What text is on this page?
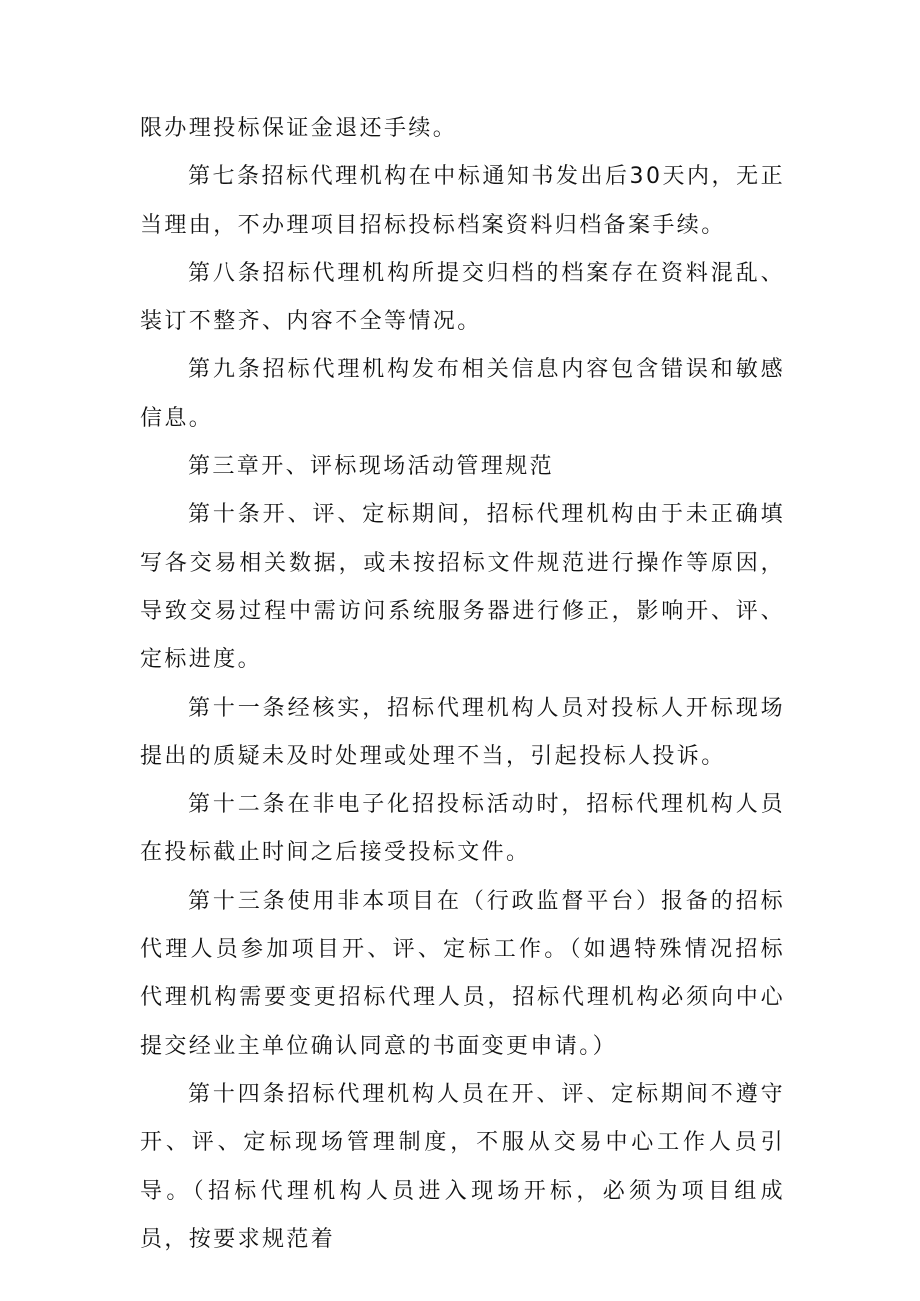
限办理投标保证金退还手续。

第七条招标代理机构在中标通知书发出后30天内，无正当理由，不办理项目招标投标档案资料归档备案手续。

第八条招标代理机构所提交归档的档案存在资料混乱、装订不整齐、内容不全等情况。

第九条招标代理机构发布相关信息内容包含错误和敏感信息。

第三章开、评标现场活动管理规范

第十条开、评、定标期间，招标代理机构由于未正确填写各交易相关数据，或未按招标文件规范进行操作等原因，导致交易过程中需访问系统服务器进行修正，影响开、评、定标进度。

第十一条经核实，招标代理机构人员对投标人开标现场提出的质疑未及时处理或处理不当，引起投标人投诉。

第十二条在非电子化招投标活动时，招标代理机构人员在投标截止时间之后接受投标文件。

第十三条使用非本项目在（行政监督平台）报备的招标代理人员参加项目开、评、定标工作。（如遇特殊情况招标代理机构需要变更招标代理人员，招标代理机构必须向中心提交经业主单位确认同意的书面变更申请。）

第十四条招标代理机构人员在开、评、定标期间不遵守开、评、定标现场管理制度，不服从交易中心工作人员引导。（招标代理机构人员进入现场开标，必须为项目组成员，按要求规范着
